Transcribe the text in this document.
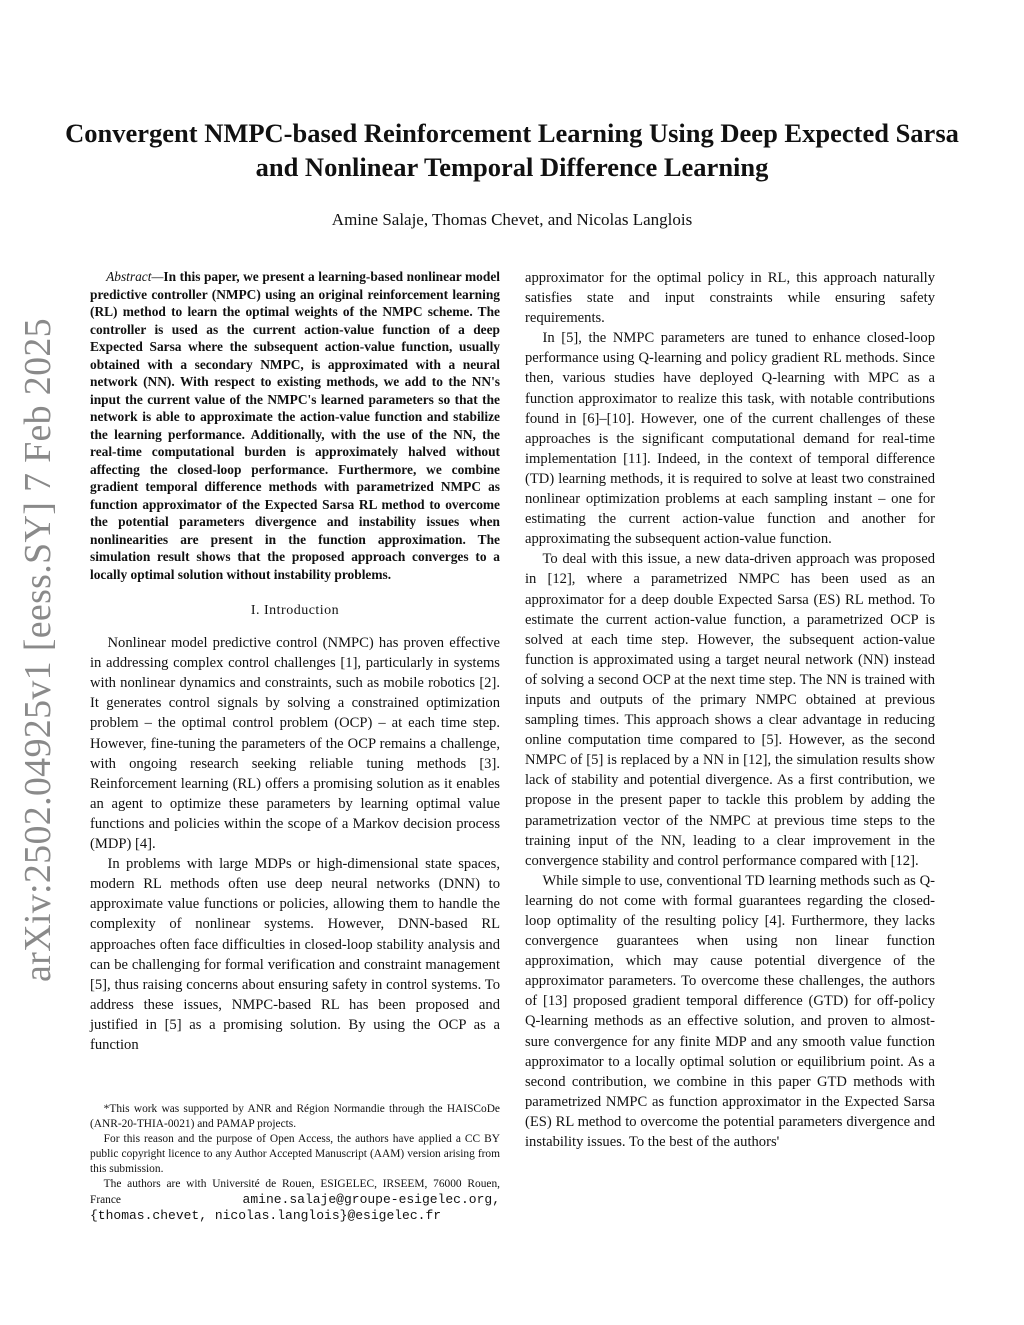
arXiv:2502.04925v1 [eess.SY] 7 Feb 2025
Convergent NMPC-based Reinforcement Learning Using Deep Expected Sarsa and Nonlinear Temporal Difference Learning
Amine Salaje, Thomas Chevet, and Nicolas Langlois

Abstract—In this paper, we present a learning-based nonlinear model predictive controller (NMPC) using an original reinforcement learning (RL) method to learn the optimal weights of the NMPC scheme. The controller is used as the current action-value function of a deep Expected Sarsa where the subsequent action-value function, usually obtained with a secondary NMPC, is approximated with a neural network (NN). With respect to existing methods, we add to the NN's input the current value of the NMPC's learned parameters so that the network is able to approximate the action-value function and stabilize the learning performance. Additionally, with the use of the NN, the real-time computational burden is approximately halved without affecting the closed-loop performance. Furthermore, we combine gradient temporal difference methods with parametrized NMPC as function approximator of the Expected Sarsa RL method to overcome the potential parameters divergence and instability issues when nonlinearities are present in the function approximation. The simulation result shows that the proposed approach converges to a locally optimal solution without instability problems.

I. Introduction

Nonlinear model predictive control (NMPC) has proven effective in addressing complex control challenges [1], particularly in systems with nonlinear dynamics and constraints, such as mobile robotics [2]. It generates control signals by solving a constrained optimization problem – the optimal control problem (OCP) – at each time step. However, fine-tuning the parameters of the OCP remains a challenge, with ongoing research seeking reliable tuning methods [3]. Reinforcement learning (RL) offers a promising solution as it enables an agent to optimize these parameters by learning optimal value functions and policies within the scope of a Markov decision process (MDP) [4].

In problems with large MDPs or high-dimensional state spaces, modern RL methods often use deep neural networks (DNN) to approximate value functions or policies, allowing them to handle the complexity of nonlinear systems. However, DNN-based RL approaches often face difficulties in closed-loop stability analysis and can be challenging for formal verification and constraint management [5], thus raising concerns about ensuring safety in control systems. To address these issues, NMPC-based RL has been proposed and justified in [5] as a promising solution. By using the OCP as a function

*This work was supported by ANR and Région Normandie through the HAISCoDe (ANR-20-THIA-0021) and PAMAP projects.

For this reason and the purpose of Open Access, the authors have applied a CC BY public copyright licence to any Author Accepted Manuscript (AAM) version arising from this submission.

The authors are with Université de Rouen, ESIGELEC, IRSEEM, 76000 Rouen, France amine.salaje@groupe-esigelec.org, {thomas.chevet, nicolas.langlois}@esigelec.fr

approximator for the optimal policy in RL, this approach naturally satisfies state and input constraints while ensuring safety requirements.

In [5], the NMPC parameters are tuned to enhance closed-loop performance using Q-learning and policy gradient RL methods. Since then, various studies have deployed Q-learning with MPC as a function approximator to realize this task, with notable contributions found in [6]–[10]. However, one of the current challenges of these approaches is the significant computational demand for real-time implementation [11]. Indeed, in the context of temporal difference (TD) learning methods, it is required to solve at least two constrained nonlinear optimization problems at each sampling instant – one for estimating the current action-value function and another for approximating the subsequent action-value function.

To deal with this issue, a new data-driven approach was proposed in [12], where a parametrized NMPC has been used as an approximator for a deep double Expected Sarsa (ES) RL method. To estimate the current action-value function, a parametrized OCP is solved at each time step. However, the subsequent action-value function is approximated using a target neural network (NN) instead of solving a second OCP at the next time step. The NN is trained with inputs and outputs of the primary NMPC obtained at previous sampling times. This approach shows a clear advantage in reducing online computation time compared to [5]. However, as the second NMPC of [5] is replaced by a NN in [12], the simulation results show lack of stability and potential divergence. As a first contribution, we propose in the present paper to tackle this problem by adding the parametrization vector of the NMPC at previous time steps to the training input of the NN, leading to a clear improvement in the convergence stability and control performance compared with [12].

While simple to use, conventional TD learning methods such as Q-learning do not come with formal guarantees regarding the closed-loop optimality of the resulting policy [4]. Furthermore, they lacks convergence guarantees when using non linear function approximation, which may cause potential divergence of the approximator parameters. To overcome these challenges, the authors of [13] proposed gradient temporal difference (GTD) for off-policy Q-learning methods as an effective solution, and proven to almost-sure convergence for any finite MDP and any smooth value function approximator to a locally optimal solution or equilibrium point. As a second contribution, we combine in this paper GTD methods with parametrized NMPC as function approximator in the Expected Sarsa (ES) RL method to overcome the potential parameters divergence and instability issues. To the best of the authors'
